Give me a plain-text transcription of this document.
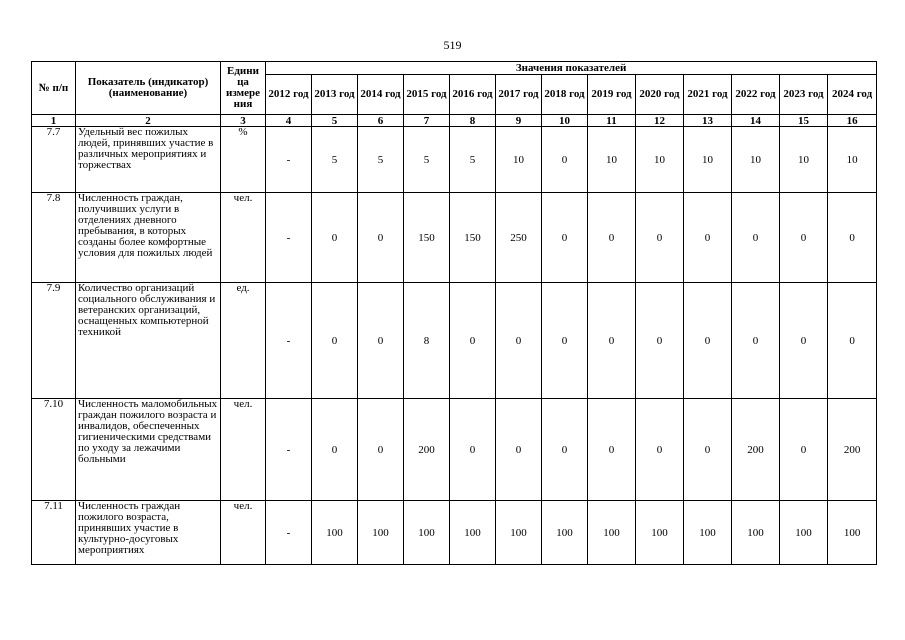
519
№ п/п	Показатель (индикатор) (наименование)	Едини ца измере ния	Значения показателей												
			2012 год	2013 год	2014 год	2015 год	2016 год	2017 год	2018 год	2019 год	2020 год	2021 год	2022 год	2023 год	2024 год
1	2	3	4	5	6	7	8	9	10	11	12	13	14	15	16
7.7	Удельный вес пожилых людей, принявших участие в различных мероприятиях и торжествах	%	-	5	5	5	5	10	0	10	10	10	10	10	10
7.8	Численность граждан, получивших услуги в отделениях дневного пребывания, в которых созданы более комфортные условия для пожилых людей	чел.	-	0	0	150	150	250	0	0	0	0	0	0	0
7.9	Количество организаций социального обслуживания и ветеранских организаций, оснащенных компьютерной техникой	ед.	-	0	0	8	0	0	0	0	0	0	0	0	0
7.10	Численность маломобильных граждан пожилого возраста и инвалидов, обеспеченных гигиеническими средствами по уходу за лежачими больными	чел.	-	0	0	200	0	0	0	0	0	0	200	0	200
7.11	Численность граждан пожилого возраста, принявших участие в культурно-досуговых мероприятиях	чел.	-	100	100	100	100	100	100	100	100	100	100	100	100
